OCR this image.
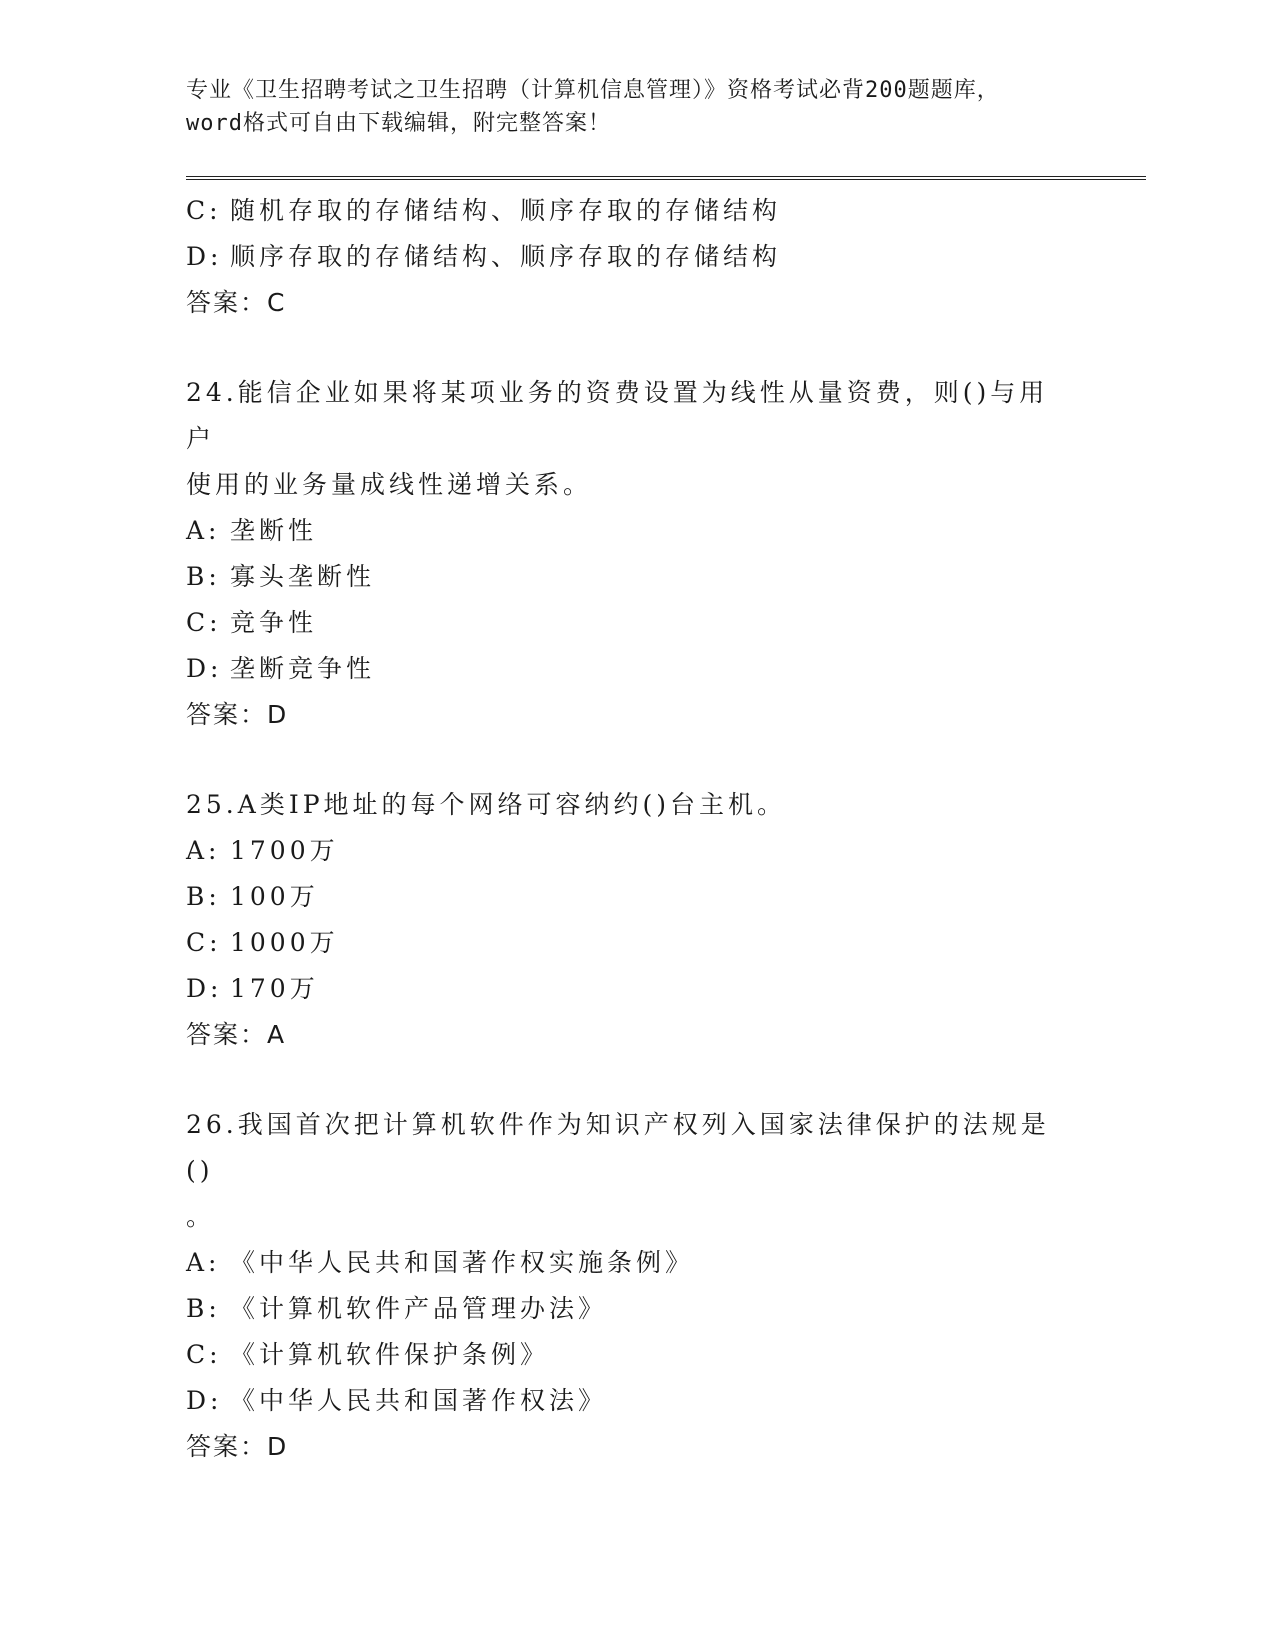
专业《卫生招聘考试之卫生招聘（计算机信息管理）》资格考试必背200题题库，
word格式可自由下载编辑，附完整答案！
C: 随机存取的存储结构、顺序存取的存储结构
D: 顺序存取的存储结构、顺序存取的存储结构
答案：C
24.能信企业如果将某项业务的资费设置为线性从量资费，则()与用户
使用的业务量成线性递增关系。
A: 垄断性
B: 寡头垄断性
C: 竞争性
D: 垄断竞争性
答案：D
25.A类IP地址的每个网络可容纳约()台主机。
A: 1700万
B: 100万
C: 1000万
D: 170万
答案：A
26.我国首次把计算机软件作为知识产权列入国家法律保护的法规是()
。
A: 《中华人民共和国著作权实施条例》
B: 《计算机软件产品管理办法》
C: 《计算机软件保护条例》
D: 《中华人民共和国著作权法》
答案：D
